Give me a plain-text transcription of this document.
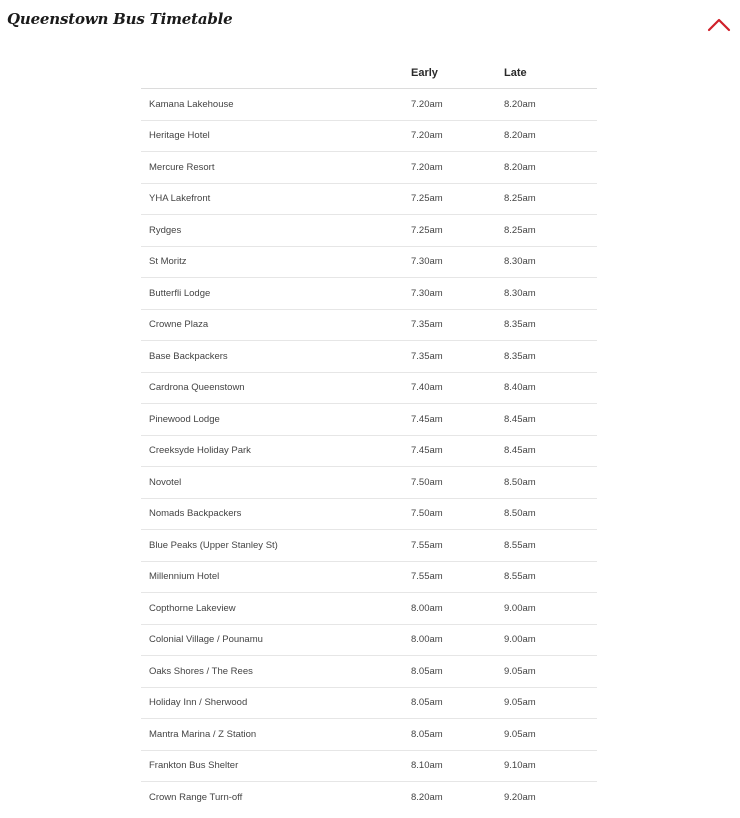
Queenstown Bus Timetable
	Early	Late
Kamana Lakehouse	7.20am	8.20am
Heritage Hotel	7.20am	8.20am
Mercure Resort	7.20am	8.20am
YHA Lakefront	7.25am	8.25am
Rydges	7.25am	8.25am
St Moritz	7.30am	8.30am
Butterfli Lodge	7.30am	8.30am
Crowne Plaza	7.35am	8.35am
Base Backpackers	7.35am	8.35am
Cardrona Queenstown	7.40am	8.40am
Pinewood Lodge	7.45am	8.45am
Creeksyde Holiday Park	7.45am	8.45am
Novotel	7.50am	8.50am
Nomads Backpackers	7.50am	8.50am
Blue Peaks (Upper Stanley St)	7.55am	8.55am
Millennium Hotel	7.55am	8.55am
Copthorne Lakeview	8.00am	9.00am
Colonial Village / Pounamu	8.00am	9.00am
Oaks Shores / The Rees	8.05am	9.05am
Holiday Inn / Sherwood	8.05am	9.05am
Mantra Marina / Z Station	8.05am	9.05am
Frankton Bus Shelter	8.10am	9.10am
Crown Range Turn-off	8.20am	9.20am
